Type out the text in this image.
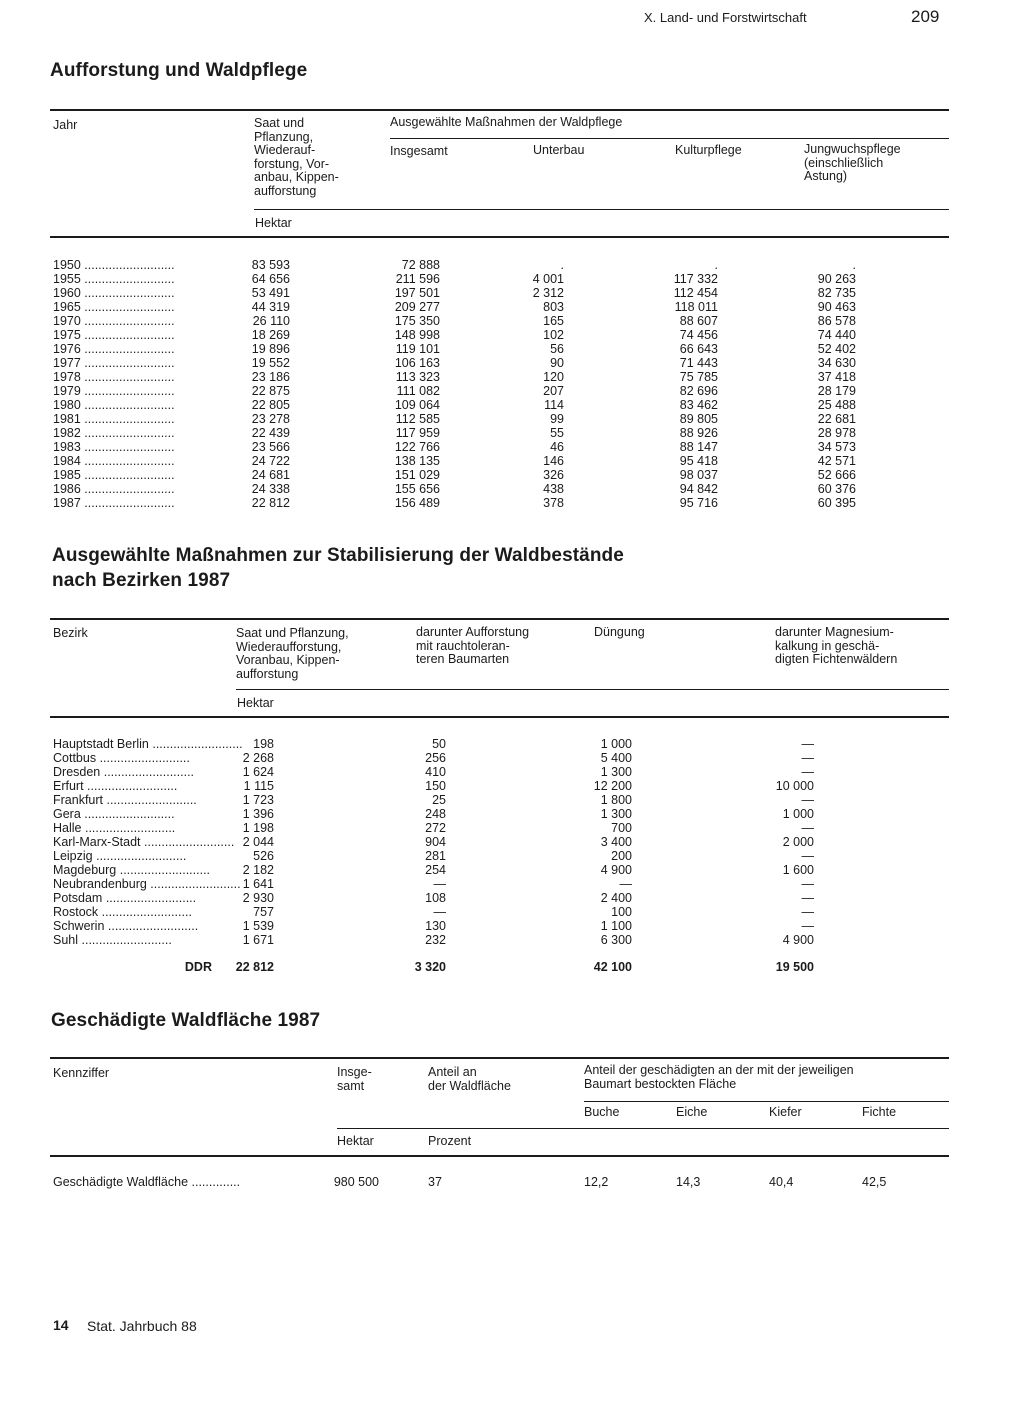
X. Land- und Forstwirtschaft	209
Aufforstung und Waldpflege
Jahr	Saat und
Pflanzung,
Wiederauf-
forstung, Vor-
anbau, Kippen-
aufforstung
Ausgewählte Maßnahmen der Waldpflege
Insgesamt	Unterbau	Kulturpflege	Jungwuchspflege
(einschließlich
Astung)
Hektar
1950 ..........................	83 593	72 888	.	.	.
1955 ..........................	64 656	211 596	4 001	117 332	90 263
1960 ..........................	53 491	197 501	2 312	112 454	82 735
1965 ..........................	44 319	209 277	803	118 011	90 463
1970 ..........................	26 110	175 350	165	88 607	86 578
1975 ..........................	18 269	148 998	102	74 456	74 440
1976 ..........................	19 896	119 101	56	66 643	52 402
1977 ..........................	19 552	106 163	90	71 443	34 630
1978 ..........................	23 186	113 323	120	75 785	37 418
1979 ..........................	22 875	111 082	207	82 696	28 179
1980 ..........................	22 805	109 064	114	83 462	25 488
1981 ..........................	23 278	112 585	99	89 805	22 681
1982 ..........................	22 439	117 959	55	88 926	28 978
1983 ..........................	23 566	122 766	46	88 147	34 573
1984 ..........................	24 722	138 135	146	95 418	42 571
1985 ..........................	24 681	151 029	326	98 037	52 666
1986 ..........................	24 338	155 656	438	94 842	60 376
1987 ..........................	22 812	156 489	378	95 716	60 395
Ausgewählte Maßnahmen zur Stabilisierung der Waldbestände
nach Bezirken 1987
Bezirk	Saat und Pflanzung,
Wiederaufforstung,
Voranbau, Kippen-
aufforstung
darunter Aufforstung
mit rauchtoleran-
teren Baumarten
Düngung	darunter Magnesium-
kalkung in geschä-
digten Fichtenwäldern
Hektar
Hauptstadt Berlin .......................... 198	50	1 000	—
Cottbus ..........................	2 268	256	5 400	—
Dresden ..........................	1 624	410	1 300	—
Erfurt ..........................	1 115	150	12 200	10 000
Frankfurt ..........................	1 723	25	1 800	—
Gera ..........................	1 396	248	1 300	1 000
Halle ..........................	1 198	272	700	—
Karl-Marx-Stadt .......................... 2 044	904	3 400	2 000
Leipzig ..........................	526	281	200	—
Magdeburg ..........................	2 182	254	4 900	1 600
Neubrandenburg .......................... 1 641	—	—	—
Potsdam ..........................	2 930	108	2 400	—
Rostock ..........................	757	—	100	—
Schwerin ..........................	1 539	130	1 100	—
Suhl ..........................	1 671	232	6 300	4 900
DDR	22 812	3 320	42 100	19 500
Geschädigte Waldfläche 1987
Kennziffer	Insge-
samt
Anteil an
der Waldfläche
Anteil der geschädigten an der mit der jeweiligen
Baumart bestockten Fläche
Buche	Eiche	Kiefer	Fichte
Hektar	Prozent
Geschädigte Waldfläche ..............	980 500	37	12,2	14,3	40,4	42,5
14 Stat. Jahrbuch 88
